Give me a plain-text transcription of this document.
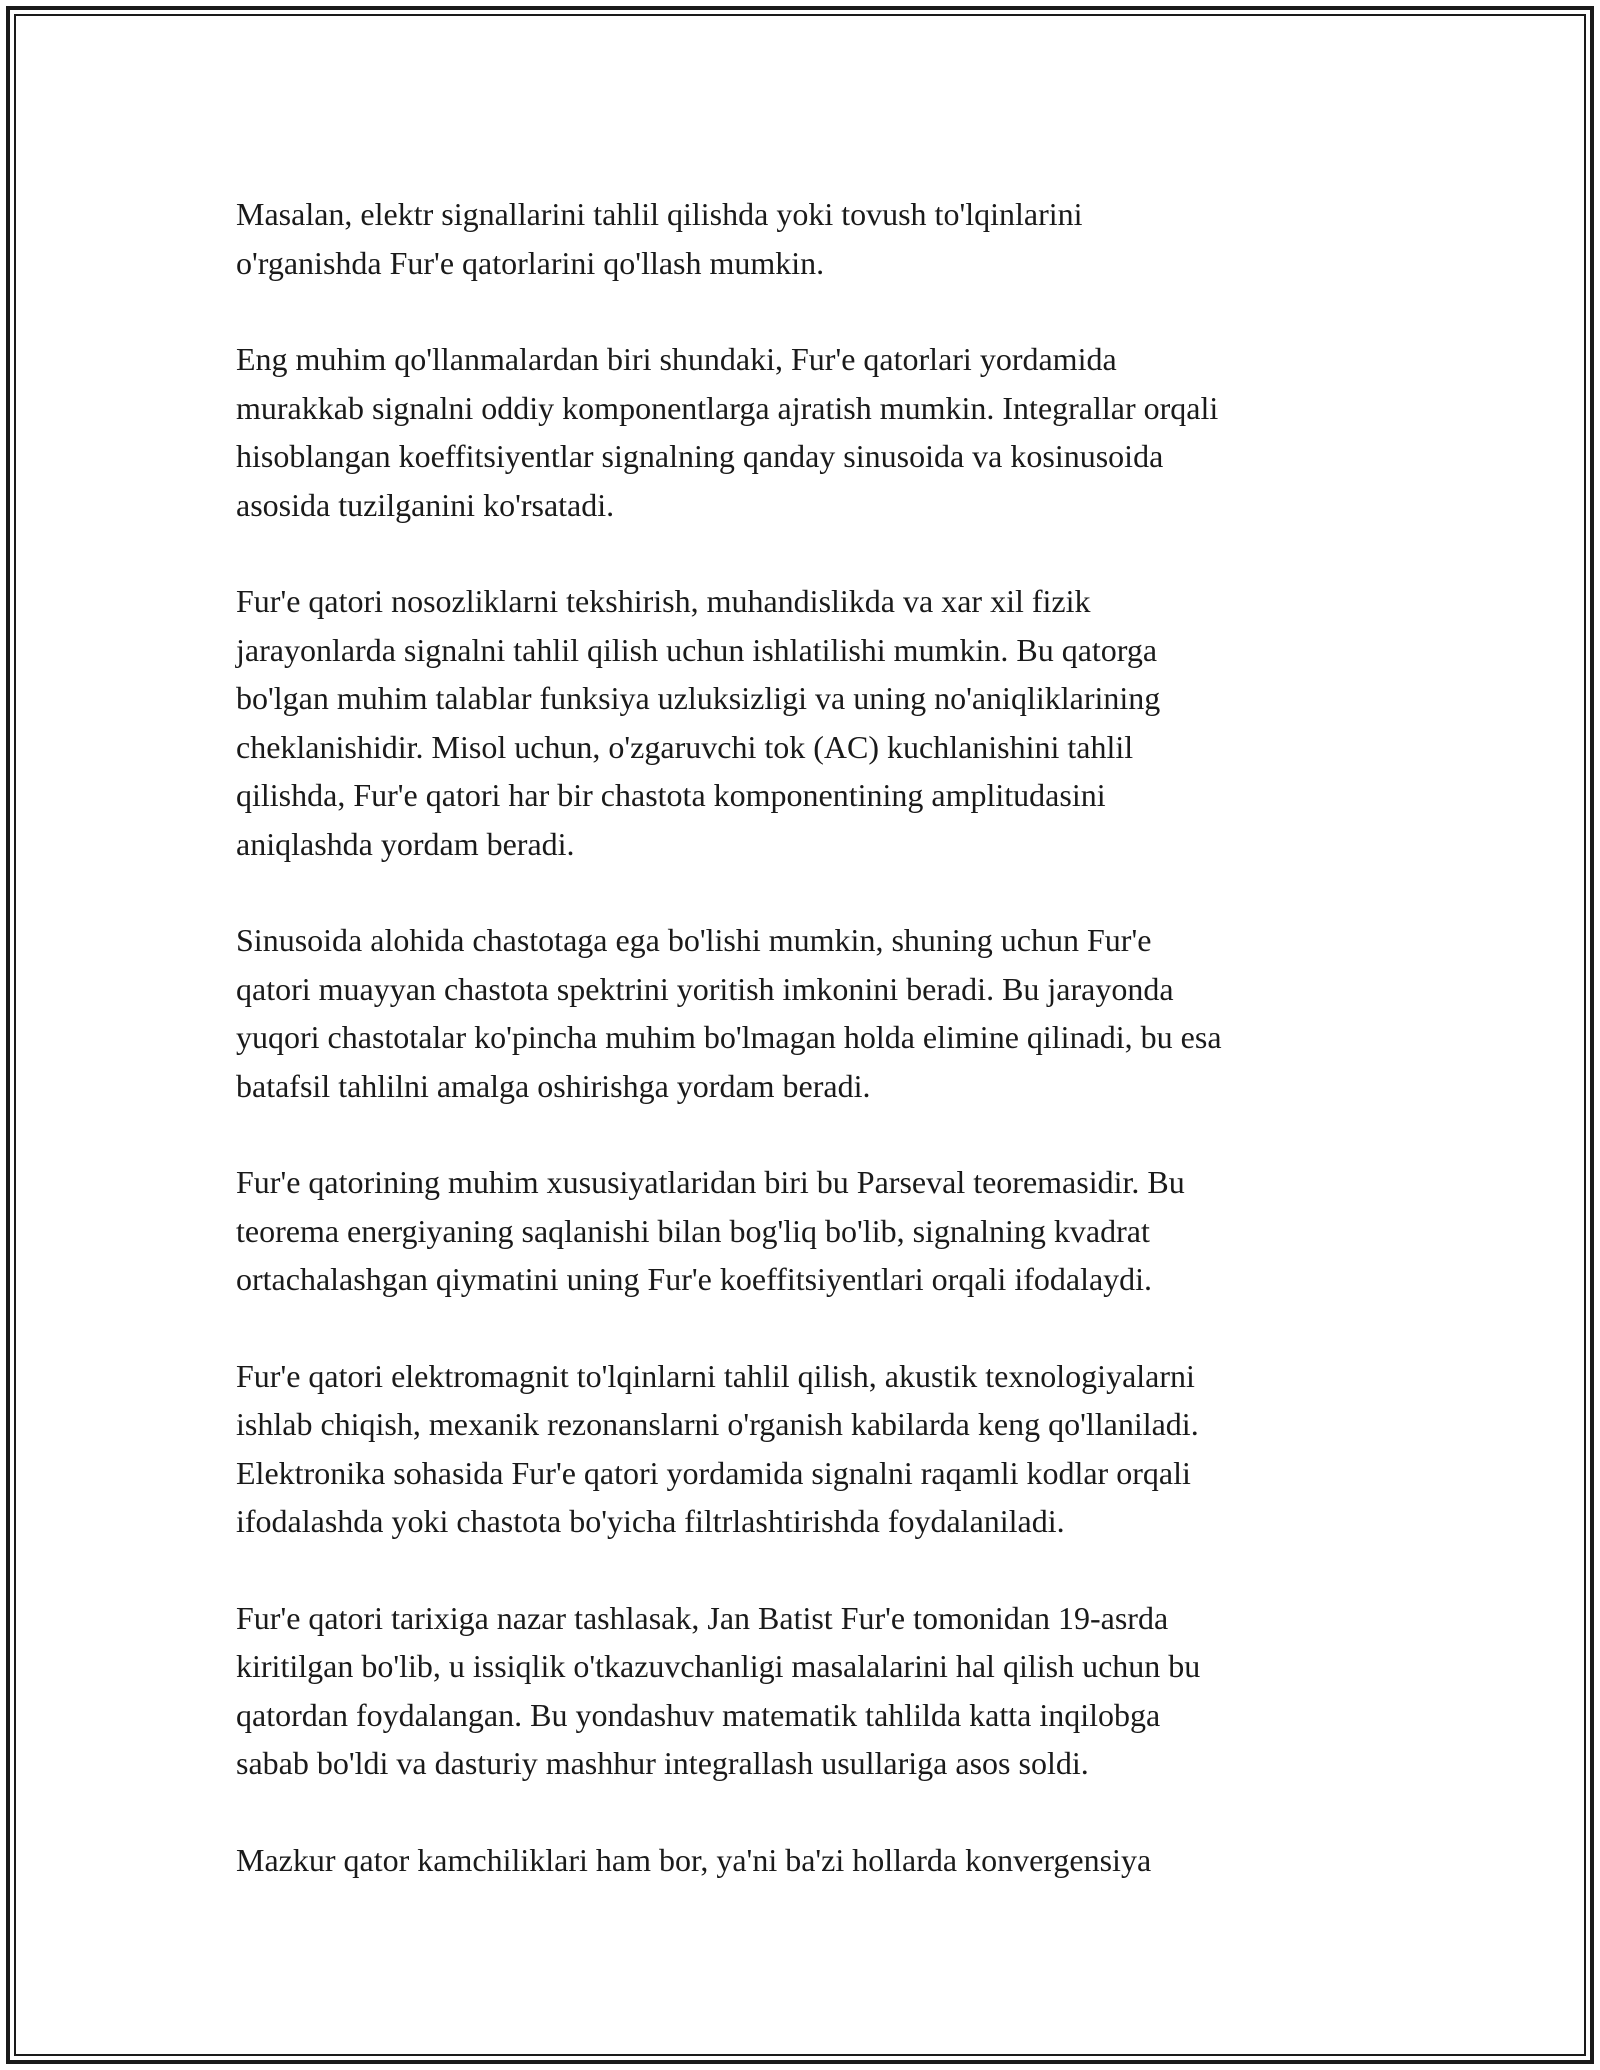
Masalan, elektr signallarini tahlil qilishda yoki tovush to'lqinlarini
o'rganishda Fur'e qatorlarini qo'llash mumkin.

Eng muhim qo'llanmalardan biri shundaki, Fur'e qatorlari yordamida
murakkab signalni oddiy komponentlarga ajratish mumkin. Integrallar orqali
hisoblangan koeffitsiyentlar signalning qanday sinusoida va kosinusoida
asosida tuzilganini ko'rsatadi.

Fur'e qatori nosozliklarni tekshirish, muhandislikda va xar xil fizik
jarayonlarda signalni tahlil qilish uchun ishlatilishi mumkin. Bu qatorga
bo'lgan muhim talablar funksiya uzluksizligi va uning no'aniqliklarining
cheklanishidir. Misol uchun, o'zgaruvchi tok (AC) kuchlanishini tahlil
qilishda, Fur'e qatori har bir chastota komponentining amplitudasini
aniqlashda yordam beradi.

Sinusoida alohida chastotaga ega bo'lishi mumkin, shuning uchun Fur'e
qatori muayyan chastota spektrini yoritish imkonini beradi. Bu jarayonda
yuqori chastotalar ko'pincha muhim bo'lmagan holda elimine qilinadi, bu esa
batafsil tahlilni amalga oshirishga yordam beradi.

Fur'e qatorining muhim xususiyatlaridan biri bu Parseval teoremasidir. Bu
teorema energiyaning saqlanishi bilan bog'liq bo'lib, signalning kvadrat
ortachalashgan qiymatini uning Fur'e koeffitsiyentlari orqali ifodalaydi.

Fur'e qatori elektromagnit to'lqinlarni tahlil qilish, akustik texnologiyalarni
ishlab chiqish, mexanik rezonanslarni o'rganish kabilarda keng qo'llaniladi.
Elektronika sohasida Fur'e qatori yordamida signalni raqamli kodlar orqali
ifodalashda yoki chastota bo'yicha filtrlashtirishda foydalaniladi.

Fur'e qatori tarixiga nazar tashlasak, Jan Batist Fur'e tomonidan 19-asrda
kiritilgan bo'lib, u issiqlik o'tkazuvchanligi masalalarini hal qilish uchun bu
qatordan foydalangan. Bu yondashuv matematik tahlilda katta inqilobga
sabab bo'ldi va dasturiy mashhur integrallash usullariga asos soldi.

Mazkur qator kamchiliklari ham bor, ya'ni ba'zi hollarda konvergensiya
